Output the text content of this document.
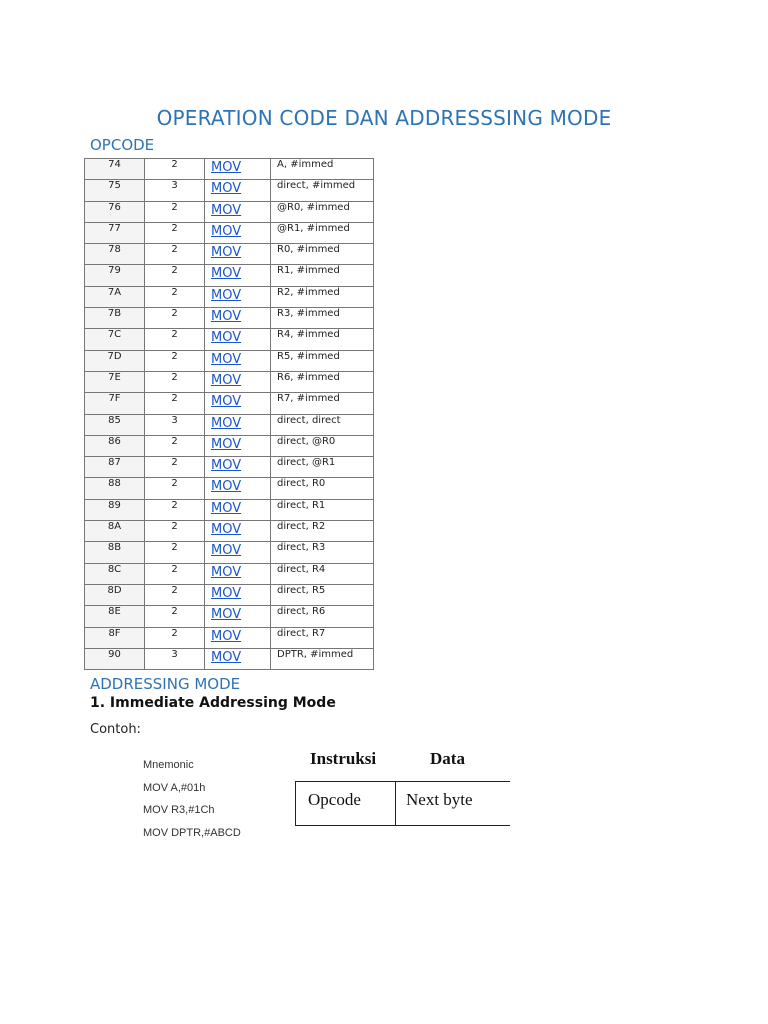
OPERATION CODE DAN ADDRESSSING MODE
OPCODE
74	2	MOV	A, #immed
75	3	MOV	direct, #immed
76	2	MOV	@R0, #immed
77	2	MOV	@R1, #immed
78	2	MOV	R0, #immed
79	2	MOV	R1, #immed
7A	2	MOV	R2, #immed
7B	2	MOV	R3, #immed
7C	2	MOV	R4, #immed
7D	2	MOV	R5, #immed
7E	2	MOV	R6, #immed
7F	2	MOV	R7, #immed
85	3	MOV	direct, direct
86	2	MOV	direct, @R0
87	2	MOV	direct, @R1
88	2	MOV	direct, R0
89	2	MOV	direct, R1
8A	2	MOV	direct, R2
8B	2	MOV	direct, R3
8C	2	MOV	direct, R4
8D	2	MOV	direct, R5
8E	2	MOV	direct, R6
8F	2	MOV	direct, R7
90	3	MOV	DPTR, #immed
ADDRESSING MODE
1. Immediate Addressing Mode
Contoh:
Mnemonic
MOV A,#01h
MOV R3,#1Ch
MOV DPTR,#ABCD
Instruksi	Data
Opcode	Next byte
